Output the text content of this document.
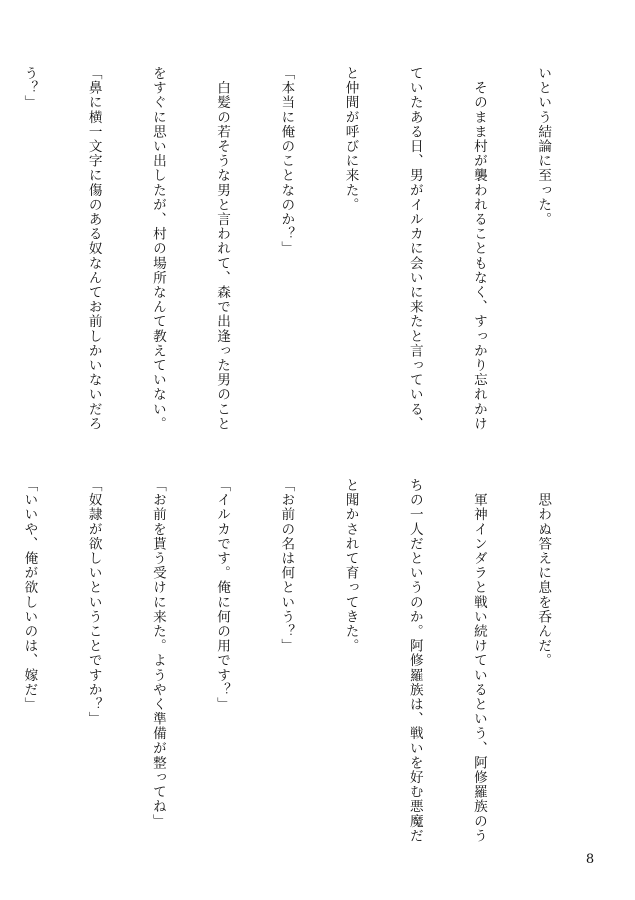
いという結論に至った。

　そのまま村が襲われることもなく、すっかり忘れかけ

ていたある日、男がイルカに会いに来たと言っている、

と仲間が呼びに来た。

「本当に俺のことなのか？」

　白髪の若そうな男と言われて、森で出逢った男のこと

をすぐに思い出したが、村の場所なんて教えていない。

「鼻に横一文字に傷のある奴なんてお前しかいないだろ

う？」

　思わぬ答えに息を呑んだ。

　軍神インダラと戦い続けているという、阿修羅族のう

ちの一人だというのか。阿修羅族は、戦いを好む悪魔だ

と聞かされて育ってきた。

「お前の名は何という？」

「イルカです。俺に何の用です？」

「お前を貰う受けに来た。ようやく準備が整ってね」

「奴隷が欲しいということですか？」

「いいや、俺が欲しいのは、嫁だ」

8
